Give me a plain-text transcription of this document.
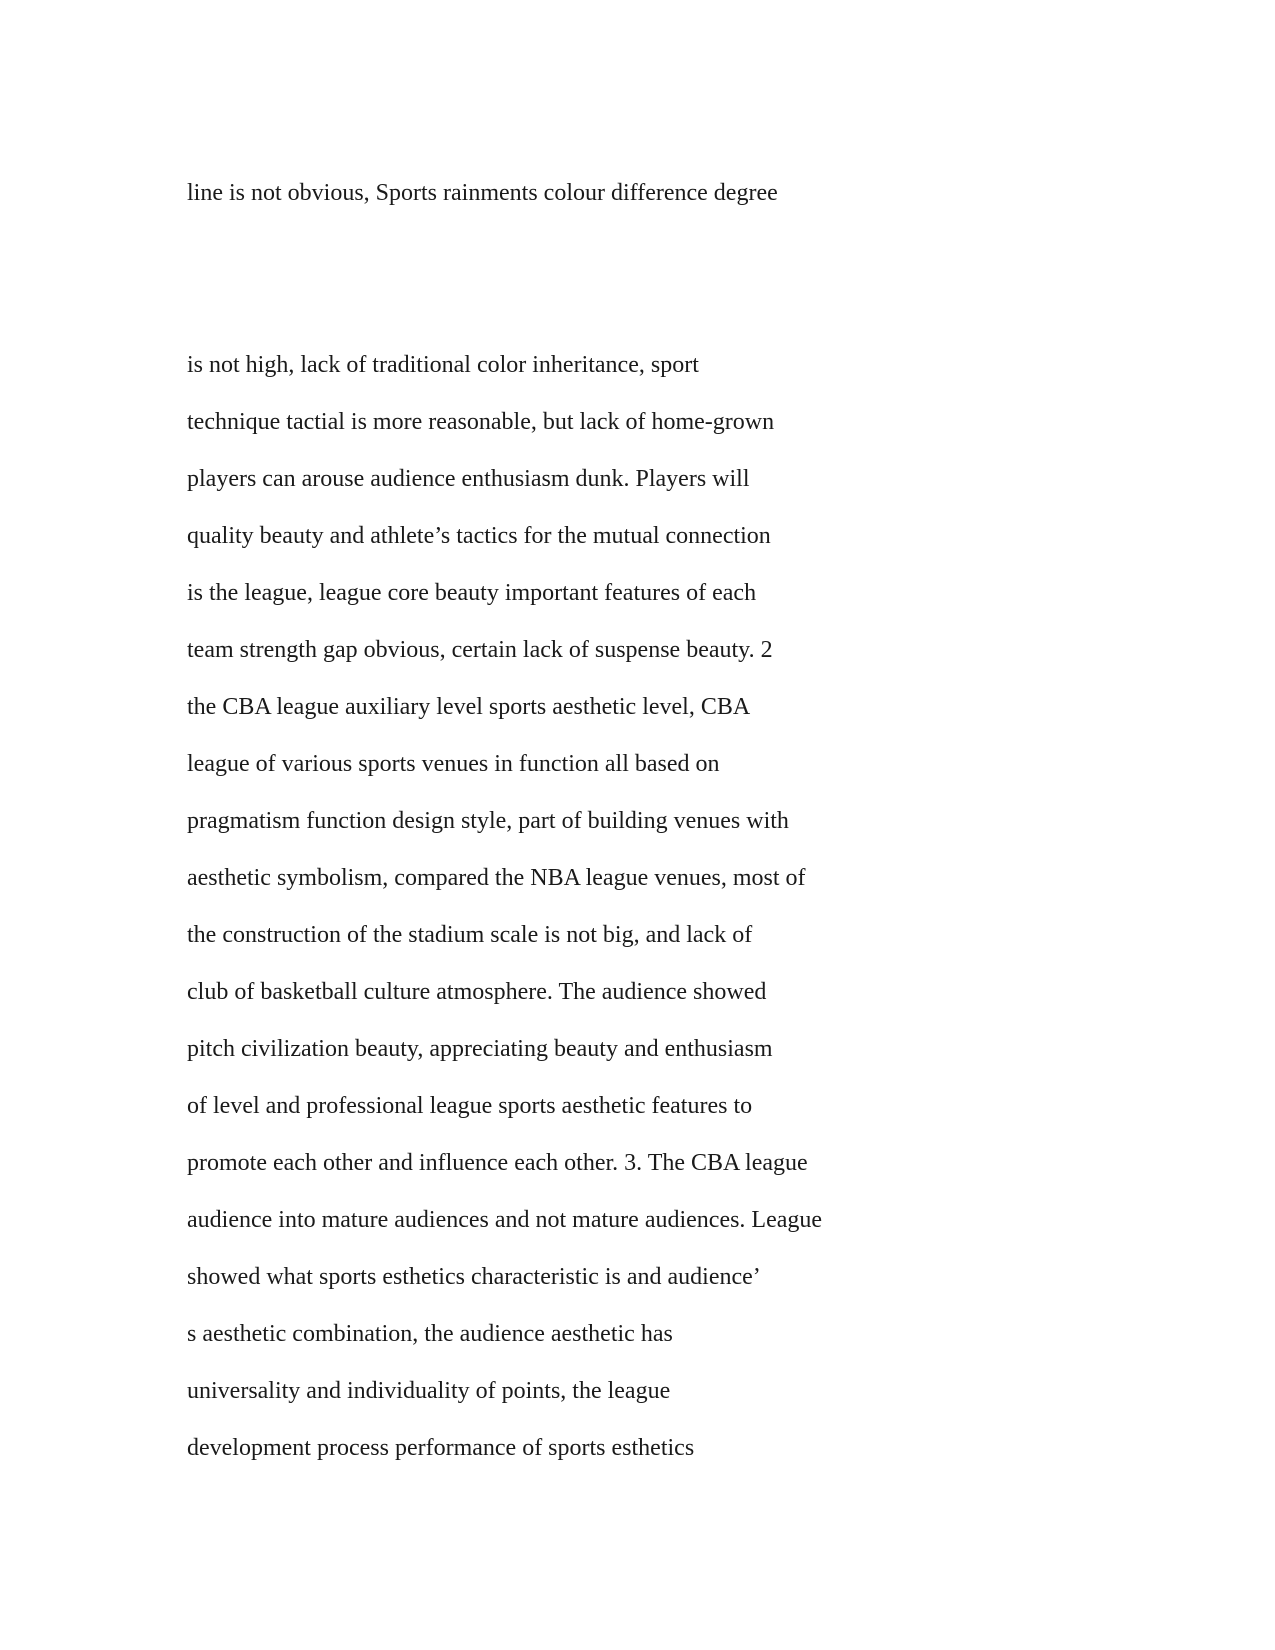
line is not obvious, Sports rainments colour difference degree
is not high, lack of traditional color inheritance, sport
technique tactial is more reasonable, but lack of home-grown
players can arouse audience enthusiasm dunk. Players will
quality beauty and athlete’s tactics for the mutual connection
is the league, league core beauty important features of each
team strength gap obvious, certain lack of suspense beauty. 2
the CBA league auxiliary level sports aesthetic level, CBA
league of various sports venues in function all based on
pragmatism function design style, part of building venues with
aesthetic symbolism, compared the NBA league venues, most of
the construction of the stadium scale is not big, and lack of
club of basketball culture atmosphere. The audience showed
pitch civilization beauty, appreciating beauty and enthusiasm
of level and professional league sports aesthetic features to
promote each other and influence each other. 3. The CBA league
audience into mature audiences and not mature audiences. League
showed what sports esthetics characteristic is and audience’
s aesthetic combination, the audience aesthetic has
universality and individuality of points, the league
development process performance of sports esthetics
